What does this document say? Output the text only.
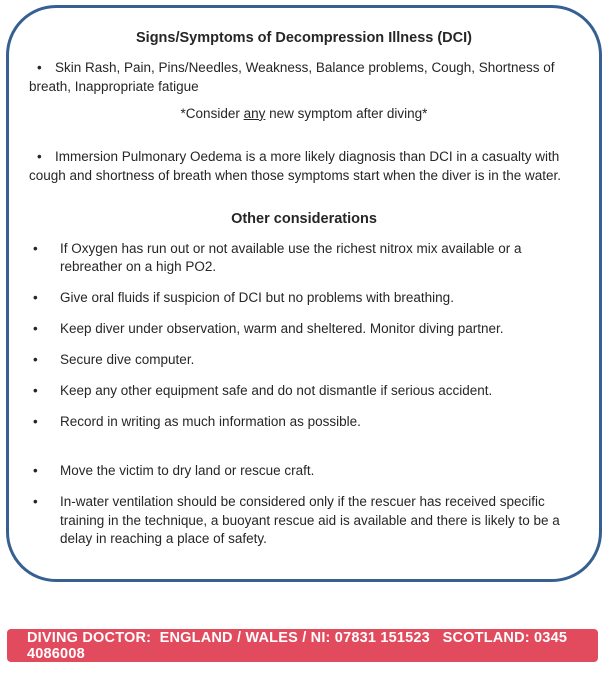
Signs/Symptoms of Decompression Illness (DCI)

• Skin Rash, Pain, Pins/Needles, Weakness, Balance problems, Cough, Shortness of breath, Inappropriate fatigue

*Consider any new symptom after diving*

• Immersion Pulmonary Oedema is a more likely diagnosis than DCI in a casualty with cough and shortness of breath when those symptoms start when the diver is in the water.

Other considerations
• If Oxygen has run out or not available use the richest nitrox mix available or a rebreather on a high PO2.
• Give oral fluids if suspicion of DCI but no problems with breathing.
• Keep diver under observation, warm and sheltered. Monitor diving partner.
• Secure dive computer.
• Keep any other equipment safe and do not dismantle if serious accident.
• Record in writing as much information as possible.
• Move the victim to dry land or rescue craft.
• In-water ventilation should be considered only if the rescuer has received specific training in the technique, a buoyant rescue aid is available and there is likely to be a delay in reaching a place of safety.
DIVING DOCTOR:  ENGLAND / WALES / NI: 07831 151523   SCOTLAND: 0345 4086008
